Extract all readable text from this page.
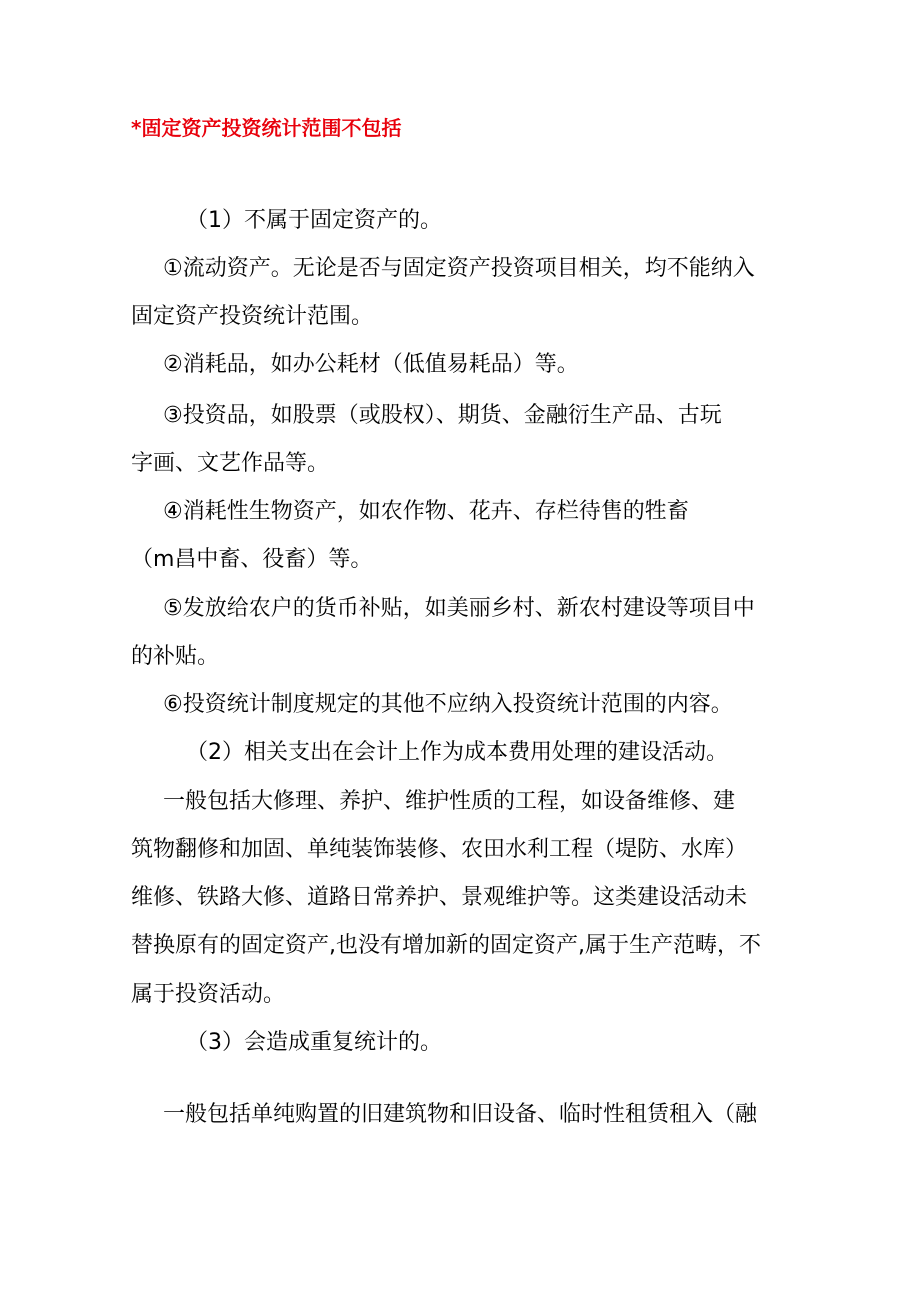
*固定资产投资统计范围不包括
（1）不属于固定资产的。
①流动资产。无论是否与固定资产投资项目相关，均不能纳入
固定资产投资统计范围。
②消耗品，如办公耗材（低值易耗品）等。
③投资品，如股票（或股权）、期货、金融衍生产品、古玩
字画、文艺作品等。
④消耗性生物资产，如农作物、花卉、存栏待售的牲畜
（m昌中畜、役畜）等。
⑤发放给农户的货币补贴，如美丽乡村、新农村建设等项目中
的补贴。
⑥投资统计制度规定的其他不应纳入投资统计范围的内容。
（2）相关支出在会计上作为成本费用处理的建设活动。
一般包括大修理、养护、维护性质的工程，如设备维修、建
筑物翻修和加固、单纯装饰装修、农田水利工程（堤防、水库）
维修、铁路大修、道路日常养护、景观维护等。这类建设活动未
替换原有的固定资产,也没有增加新的固定资产,属于生产范畴，不
属于投资活动。
（3）会造成重复统计的。
一般包括单纯购置的旧建筑物和旧设备、临时性租赁租入（融
